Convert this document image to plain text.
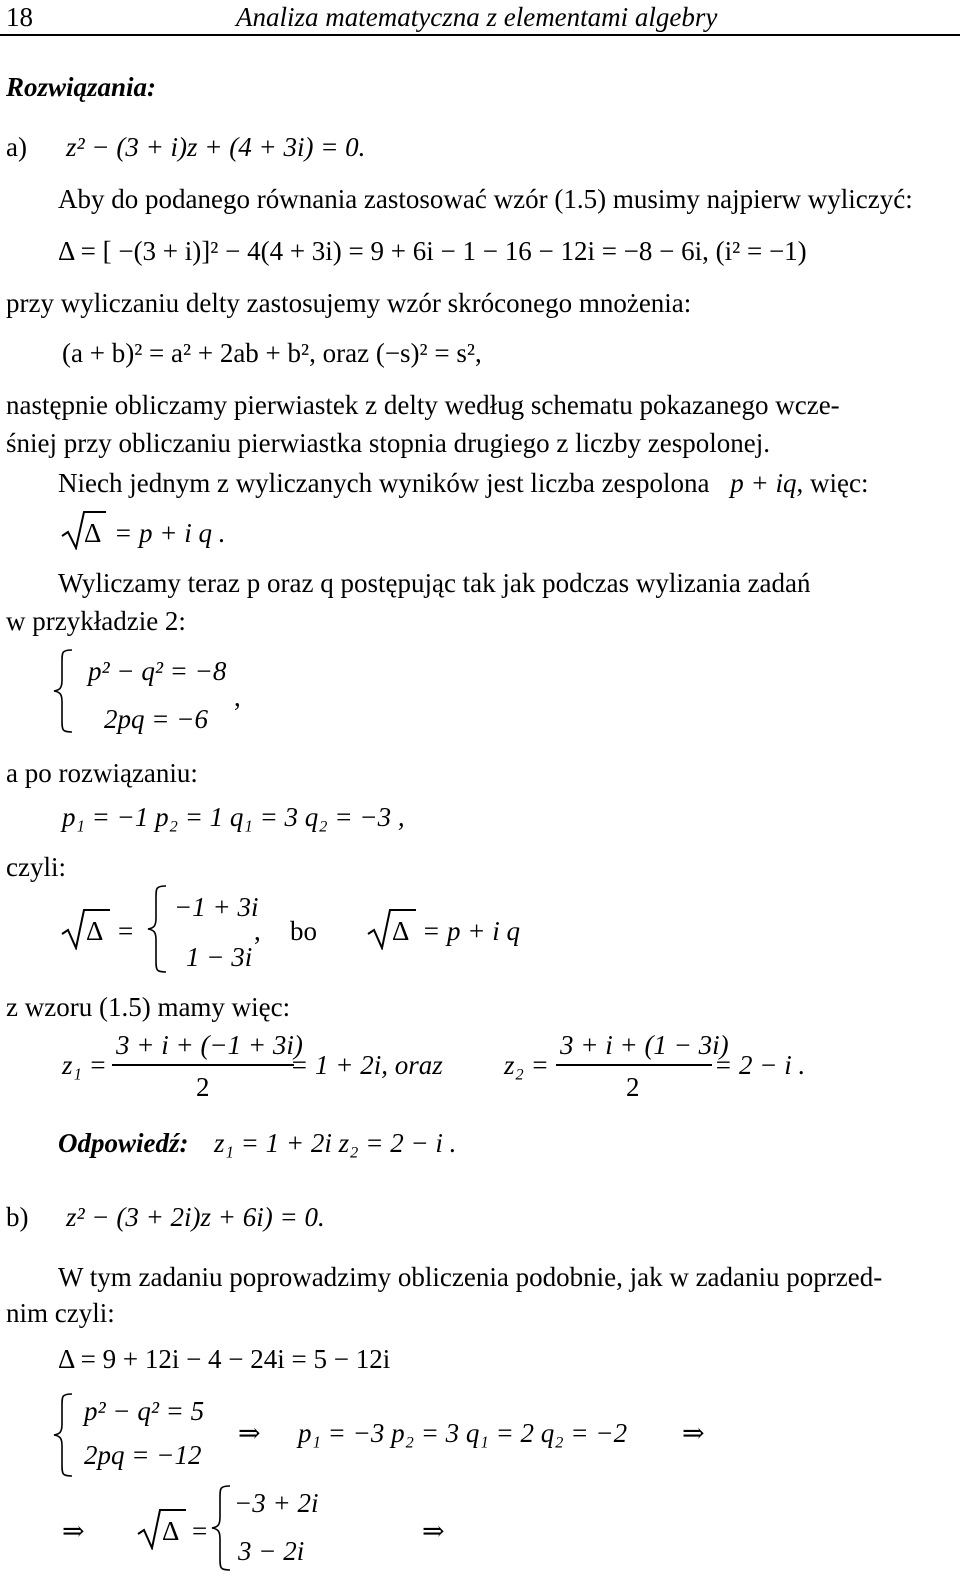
18	Analiza matematyczna z elementami algebry
Rozwiązania:
a) z² − (3 + i)z + (4 + 3i) = 0.
Aby do podanego równania zastosować wzór (1.5) musimy najpierw wyliczyć:
Δ = [ −(3 + i)]² − 4(4 + 3i) = 9 + 6i − 1 − 16 − 12i = −8 − 6i, (i² = −1)
przy wyliczaniu delty zastosujemy wzór skróconego mnożenia:
(a + b)² = a² + 2ab + b², oraz (−s)² = s²,
następnie obliczamy pierwiastek z delty według schematu pokazanego wcze-
śniej przy obliczaniu pierwiastka stopnia drugiego z liczby zespolonej.
Niech jednym z wyliczanych wyników jest liczba zespolona p + iq, więc:
Δ = p + i q .
Wyliczamy teraz p oraz q postępując tak jak podczas wylizania zadań
w przykładzie 2:
p² − q² = −8
2pq = −6
,
a po rozwiązaniu:
p₁ = −1 p₂ = 1 q₁ = 3 q₂ = −3 ,
czyli:
Δ =
−1 + 3i
1 − 3i
, bo	Δ = p + i q
z wzoru (1.5) mamy więc:
z₁ =
3 + i + (−1 + 3i)
2
= 1 + 2i, oraz z₂ =
3 + i + (1 − 3i)
2
= 2 − i .
Odpowiedź: z₁ = 1 + 2i z₂ = 2 − i .
b) z² − (3 + 2i)z + 6i) = 0.
W tym zadaniu poprowadzimy obliczenia podobnie, jak w zadaniu poprzed-
nim czyli:
Δ = 9 + 12i − 4 − 24i = 5 − 12i
p² − q² = 5
2pq = −12
⇒ p₁ = −3 p₂ = 3 q₁ = 2 q₂ = −2 ⇒
⇒	Δ =
−3 + 2i
3 − 2i
⇒
